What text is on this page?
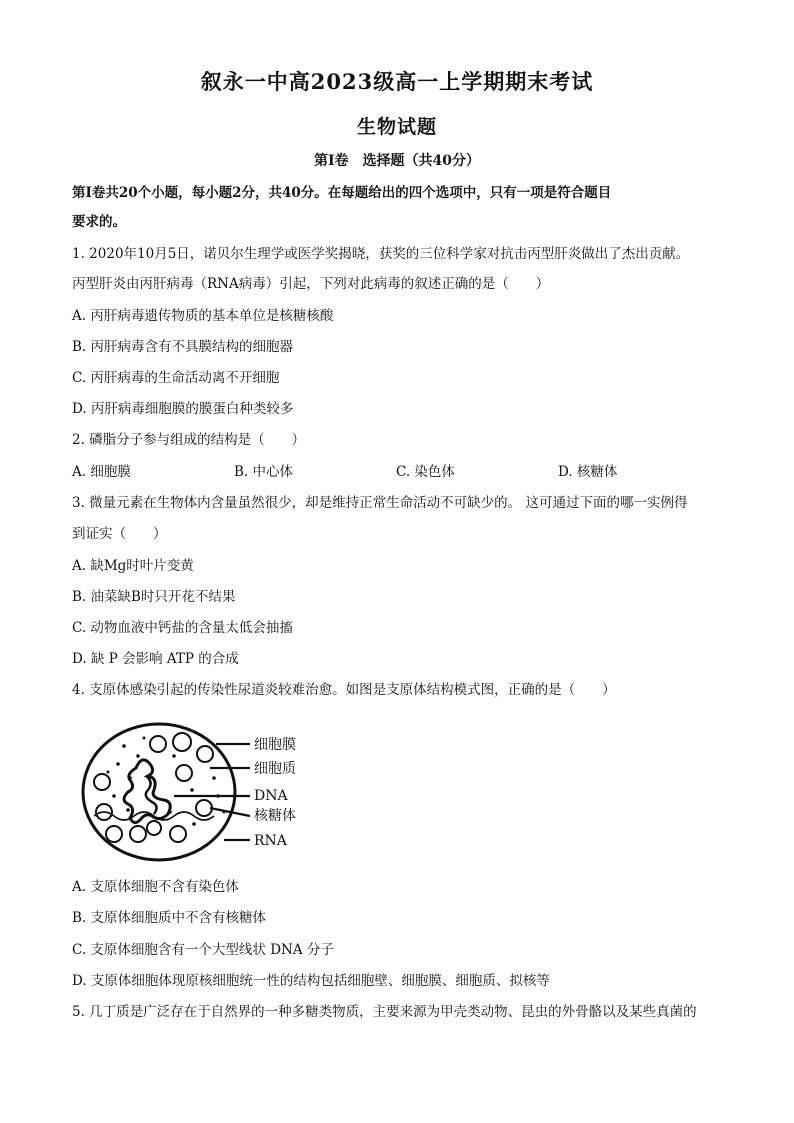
叙永一中高2023级高一上学期期末考试
生物试题
第Ⅰ卷　选择题（共40分）
第Ⅰ卷共20个小题，每小题2分，共40分。在每题给出的四个选项中，只有一项是符合题目
要求的。
1. 2020年10月5日，诺贝尔生理学或医学奖揭晓，获奖的三位科学家对抗击丙型肝炎做出了杰出贡献。
丙型肝炎由丙肝病毒（RNA病毒）引起，下列对此病毒的叙述正确的是（　　）
A. 丙肝病毒遗传物质的基本单位是核糖核酸
B. 丙肝病毒含有不具膜结构的细胞器
C. 丙肝病毒的生命活动离不开细胞
D. 丙肝病毒细胞膜的膜蛋白种类较多
2. 磷脂分子参与组成的结构是（　　）
A. 细胞膜	B. 中心体	C. 染色体	D. 核糖体
3. 微量元素在生物体内含量虽然很少，却是维持正常生命活动不可缺少的。 这可通过下面的哪一实例得
到证实（　　）
A. 缺Mg时叶片变黄
B. 油菜缺B时只开花不结果
C. 动物血液中钙盐的含量太低会抽搐
D. 缺 P 会影响 ATP 的合成
4. 支原体感染引起的传染性尿道炎较难治愈。如图是支原体结构模式图，正确的是（　　）
细胞膜
细胞质
DNA
核糖体
RNA
A. 支原体细胞不含有染色体
B. 支原体细胞质中不含有核糖体
C. 支原体细胞含有一个大型线状 DNA 分子
D. 支原体细胞体现原核细胞统一性的结构包括细胞壁、细胞膜、细胞质、拟核等
5. 几丁质是广泛存在于自然界的一种多糖类物质，主要来源为甲壳类动物、昆虫的外骨骼以及某些真菌的
